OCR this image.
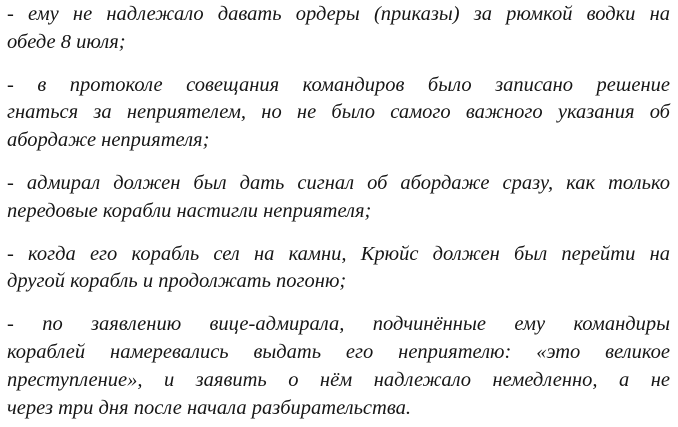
- ему не надлежало давать ордеры (приказы) за рюмкой водки на
обеде 8 июля;
- в протоколе совещания командиров было записано решение
гнаться за неприятелем, но не было самого важного указания об
абордаже неприятеля;
- адмирал должен был дать сигнал об абордаже сразу, как только
передовые корабли настигли неприятеля;
- когда его корабль сел на камни, Крюйс должен был перейти на
другой корабль и продолжать погоню;
- по заявлению вице-адмирала, подчинённые ему командиры
кораблей намеревались выдать его неприятелю: «это великое
преступление», и заявить о нём надлежало немедленно, а не
через три дня после начала разбирательства.
